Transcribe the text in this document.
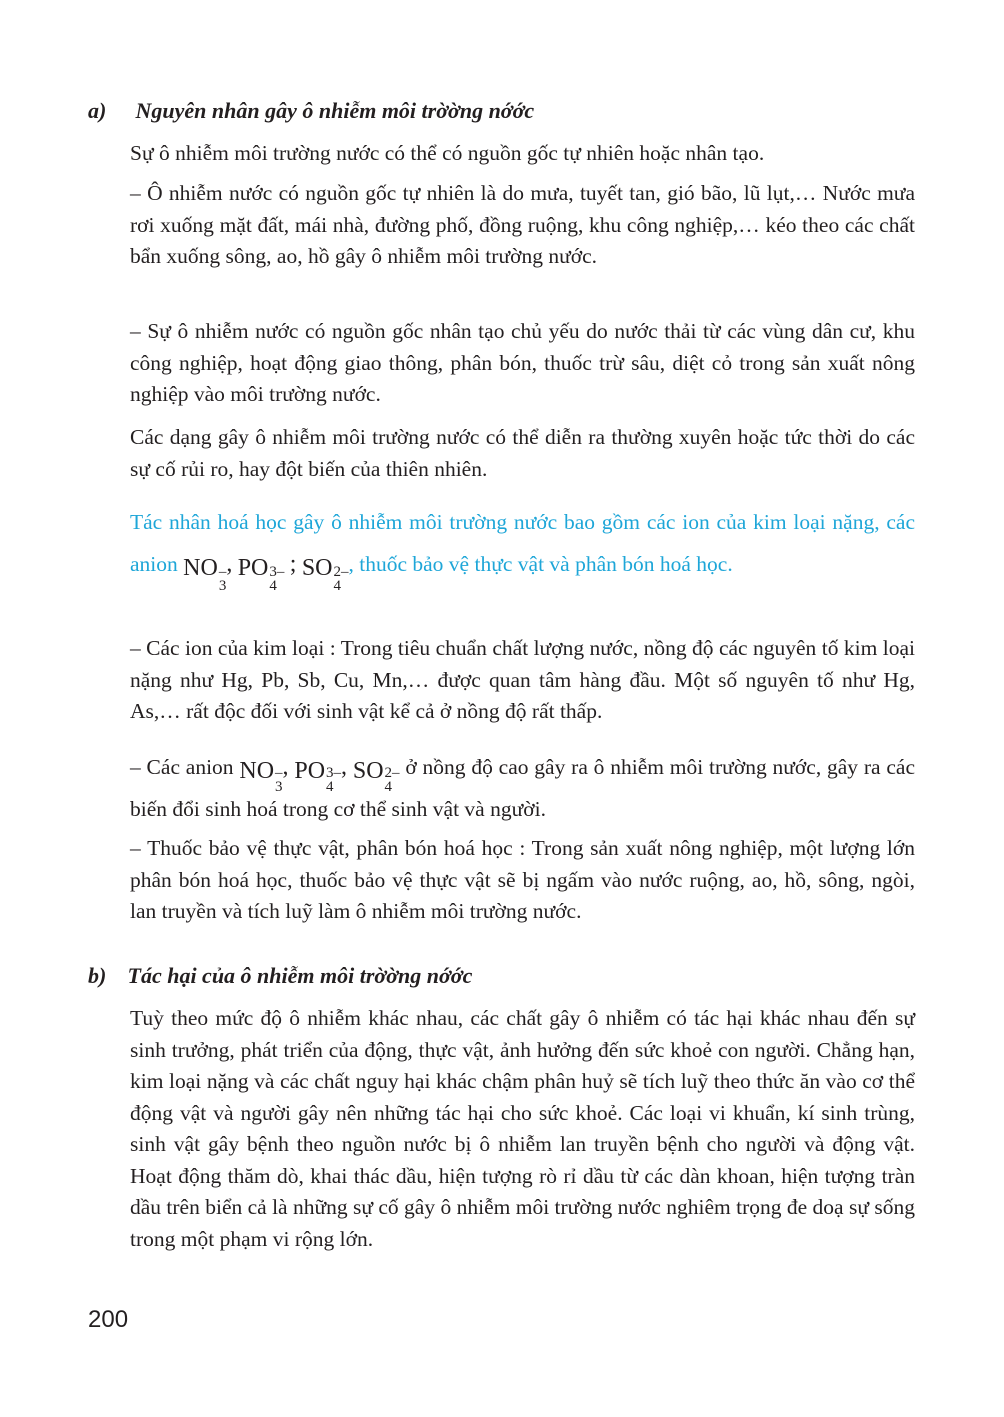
a) Nguyên nhân gây ô nhiễm môi trờờng nớớc
Sự ô nhiễm môi trường nước có thể có nguồn gốc tự nhiên hoặc nhân tạo.
– Ô nhiễm nước có nguồn gốc tự nhiên là do mưa, tuyết tan, gió bão, lũ lụt,… Nước mưa rơi xuống mặt đất, mái nhà, đường phố, đồng ruộng, khu công nghiệp,… kéo theo các chất bẩn xuống sông, ao, hồ gây ô nhiễm môi trường nước.
– Sự ô nhiễm nước có nguồn gốc nhân tạo chủ yếu do nước thải từ các vùng dân cư, khu công nghiệp, hoạt động giao thông, phân bón, thuốc trừ sâu, diệt cỏ trong sản xuất nông nghiệp vào môi trường nước.
Các dạng gây ô nhiễm môi trường nước có thể diễn ra thường xuyên hoặc tức thời do các sự cố rủi ro, hay đột biến của thiên nhiên.
Tác nhân hoá học gây ô nhiễm môi trường nước bao gồm các ion của kim loại nặng, các anion NO –
3
, PO 3–
4
; SO 2–
4
, thuốc bảo vệ thực vật và phân bón hoá học.
– Các ion của kim loại : Trong tiêu chuẩn chất lượng nước, nồng độ các nguyên tố kim loại nặng như Hg, Pb, Sb, Cu, Mn,… được quan tâm hàng đầu. Một số nguyên tố như Hg, As,… rất độc đối với sinh vật kể cả ở nồng độ rất thấp.
– Các anion NO –
3
, PO 3–
4
, SO 2–
4
ở nồng độ cao gây ra ô nhiễm môi trường nước, gây ra các biến đổi sinh hoá trong cơ thể sinh vật và người.
– Thuốc bảo vệ thực vật, phân bón hoá học : Trong sản xuất nông nghiệp, một lượng lớn phân bón hoá học, thuốc bảo vệ thực vật sẽ bị ngấm vào nước ruộng, ao, hồ, sông, ngòi, lan truyền và tích luỹ làm ô nhiễm môi trường nước.
b) Tác hại của ô nhiễm môi trờờng nớớc
Tuỳ theo mức độ ô nhiễm khác nhau, các chất gây ô nhiễm có tác hại khác nhau đến sự sinh trưởng, phát triển của động, thực vật, ảnh hưởng đến sức khoẻ con người. Chẳng hạn, kim loại nặng và các chất nguy hại khác chậm phân huỷ sẽ tích luỹ theo thức ăn vào cơ thể động vật và người gây nên những tác hại cho sức khoẻ. Các loại vi khuẩn, kí sinh trùng, sinh vật gây bệnh theo nguồn nước bị ô nhiễm lan truyền bệnh cho người và động vật. Hoạt động thăm dò, khai thác dầu, hiện tượng rò rỉ dầu từ các dàn khoan, hiện tượng tràn dầu trên biển cả là những sự cố gây ô nhiễm môi trường nước nghiêm trọng đe doạ sự sống trong một phạm vi rộng lớn.
200
